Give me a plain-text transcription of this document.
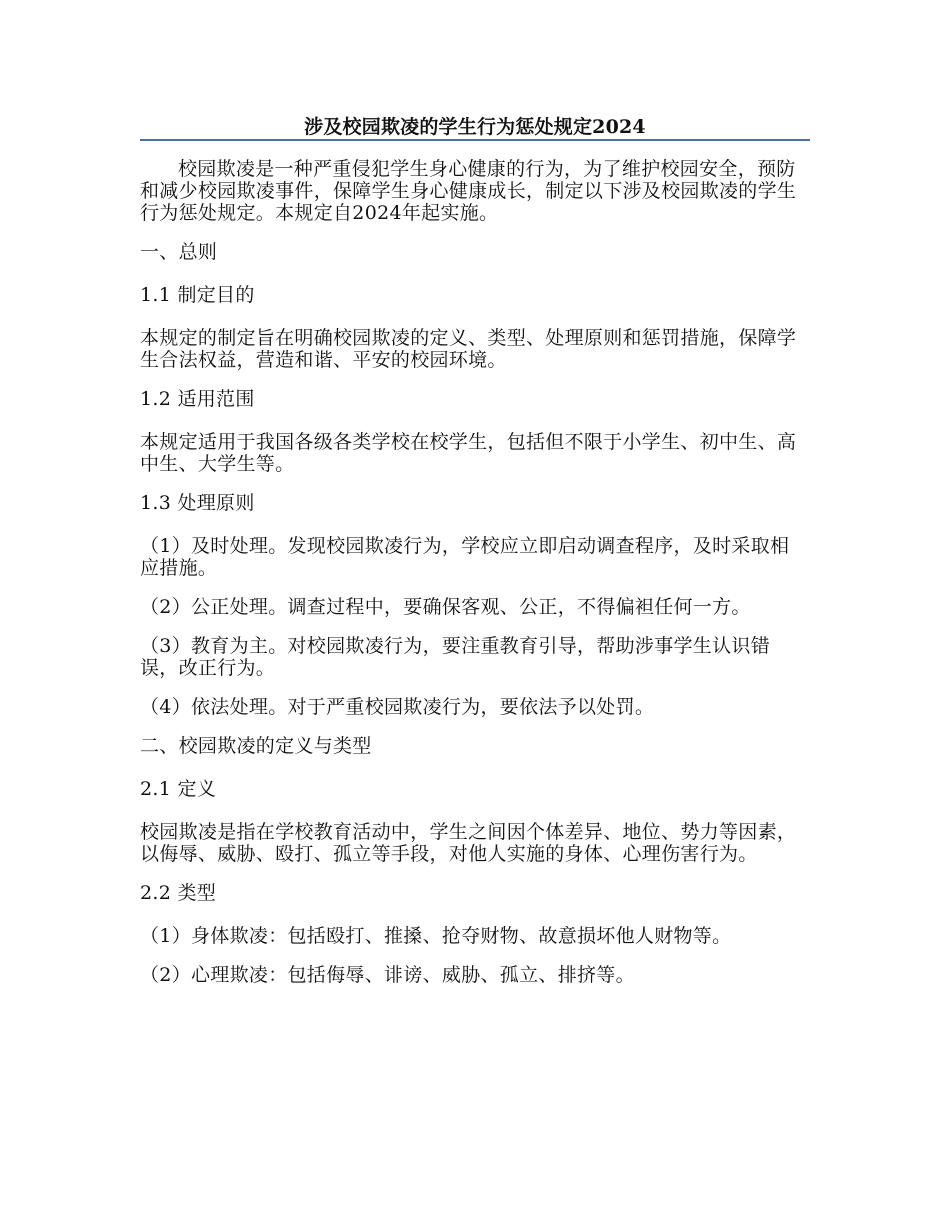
涉及校园欺凌的学生行为惩处规定2024

校园欺凌是一种严重侵犯学生身心健康的行为，为了维护校园安全，预防和减少校园欺凌事件，保障学生身心健康成长，制定以下涉及校园欺凌的学生行为惩处规定。本规定自2024年起实施。

一、总则

1.1 制定目的

本规定的制定旨在明确校园欺凌的定义、类型、处理原则和惩罚措施，保障学生合法权益，营造和谐、平安的校园环境。

1.2 适用范围

本规定适用于我国各级各类学校在校学生，包括但不限于小学生、初中生、高中生、大学生等。

1.3 处理原则

（1）及时处理。发现校园欺凌行为，学校应立即启动调查程序，及时采取相应措施。

（2）公正处理。调查过程中，要确保客观、公正，不得偏袒任何一方。

（3）教育为主。对校园欺凌行为，要注重教育引导，帮助涉事学生认识错误，改正行为。

（4）依法处理。对于严重校园欺凌行为，要依法予以处罚。

二、校园欺凌的定义与类型

2.1 定义

校园欺凌是指在学校教育活动中，学生之间因个体差异、地位、势力等因素，以侮辱、威胁、殴打、孤立等手段，对他人实施的身体、心理伤害行为。

2.2 类型

（1）身体欺凌：包括殴打、推搡、抢夺财物、故意损坏他人财物等。

（2）心理欺凌：包括侮辱、诽谤、威胁、孤立、排挤等。
